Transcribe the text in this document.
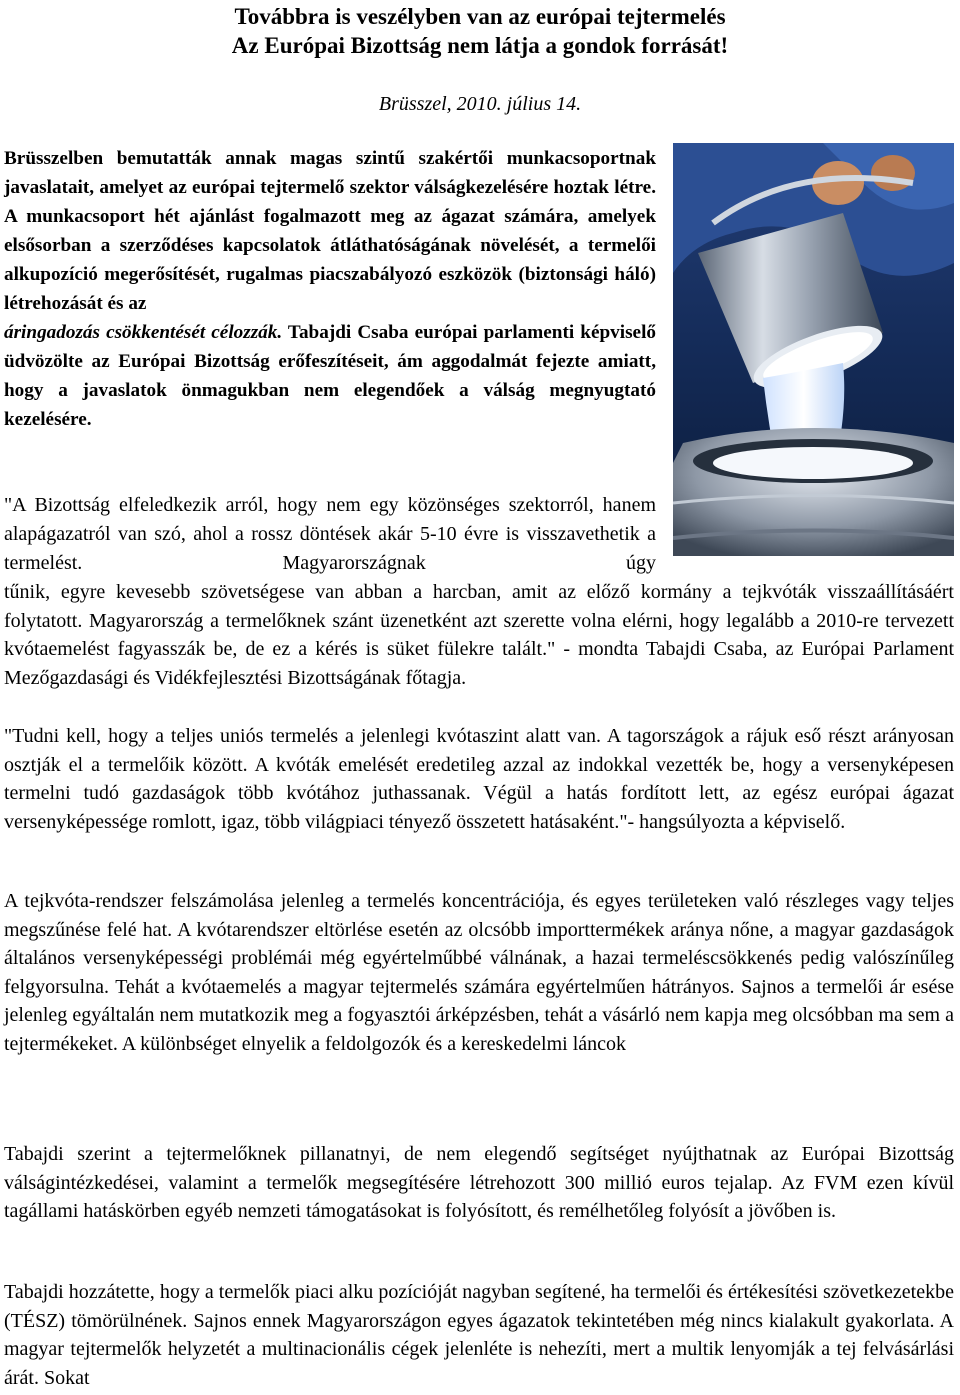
Továbbra is veszélyben van az európai tejtermelés
Az Európai Bizottság nem látja a gondok forrását!
Brüsszel, 2010. július 14.
Brüsszelben bemutatták annak magas szintű szakértői munkacsoportnak javaslatait, amelyet az európai tejtermelő szektor válságkezelésére hoztak létre. A munkacsoport hét ajánlást fogalmazott meg az ágazat számára, amelyek elsősorban a szerződéses kapcsolatok átláthatóságának növelését, a termelői alkupozíció megerősítését, rugalmas piacszabályozó eszközök (biztonsági háló) létrehozását és az
áringadozás csökkentését célozzák. Tabajdi Csaba európai parlamenti képviselő üdvözölte az Európai Bizottság erőfeszítéseit, ám aggodalmát fejezte amiatt, hogy a javaslatok önmagukban nem elegendőek a válság megnyugtató kezelésére.
"A Bizottság elfeledkezik arról, hogy nem egy közönséges szektorról, hanem alapágazatról van szó, ahol a rossz döntések akár 5-10 évre is visszavethetik a termelést. Magyarországnak úgy
tűnik, egyre kevesebb szövetségese van abban a harcban, amit az előző kormány a tejkvóták visszaállításáért folytatott. Magyarország a termelőknek szánt üzenetként azt szerette volna elérni, hogy legalább a 2010-re tervezett kvótaemelést fagyasszák be, de ez a kérés is süket fülekre talált." - mondta Tabajdi Csaba, az Európai Parlament Mezőgazdasági és Vidékfejlesztési Bizottságának főtagja.
"Tudni kell, hogy a teljes uniós termelés a jelenlegi kvótaszint alatt van. A tagországok a rájuk eső részt arányosan osztják el a termelőik között. A kvóták emelését eredetileg azzal az indokkal vezették be, hogy a versenyképesen termelni tudó gazdaságok több kvótához juthassanak. Végül a hatás fordított lett, az egész európai ágazat versenyképessége romlott, igaz, több világpiaci tényező összetett hatásaként."- hangsúlyozta a képviselő.
A tejkvóta-rendszer felszámolása jelenleg a termelés koncentrációja, és egyes területeken való részleges vagy teljes megszűnése felé hat. A kvótarendszer eltörlése esetén az olcsóbb importtermékek aránya nőne, a magyar gazdaságok általános versenyképességi problémái még egyértelműbbé válnának, a hazai termeléscsökkenés pedig valószínűleg felgyorsulna. Tehát a kvótaemelés a magyar tejtermelés számára egyértelműen hátrányos. Sajnos a termelői ár esése jelenleg egyáltalán nem mutatkozik meg a fogyasztói árképzésben, tehát a vásárló nem kapja meg olcsóbban ma sem a tejtermékeket. A különbséget elnyelik a feldolgozók és a kereskedelmi láncok
Tabajdi szerint a tejtermelőknek pillanatnyi, de nem elegendő segítséget nyújthatnak az Európai Bizottság válságintézkedései, valamint a termelők megsegítésére létrehozott 300 millió euros tejalap. Az FVM ezen kívül tagállami hatáskörben egyéb nemzeti támogatásokat is folyósított, és remélhetőleg folyósít a jövőben is.
Tabajdi hozzátette, hogy a termelők piaci alku pozícióját nagyban segítené, ha termelői és értékesítési szövetkezetekbe (TÉSZ) tömörülnének. Sajnos ennek Magyarországon egyes ágazatok tekintetében még nincs kialakult gyakorlata. A magyar tejtermelők helyzetét a multinacionális cégek jelenléte is nehezíti, mert a multik lenyomják a tej felvásárlási árát. Sokat
